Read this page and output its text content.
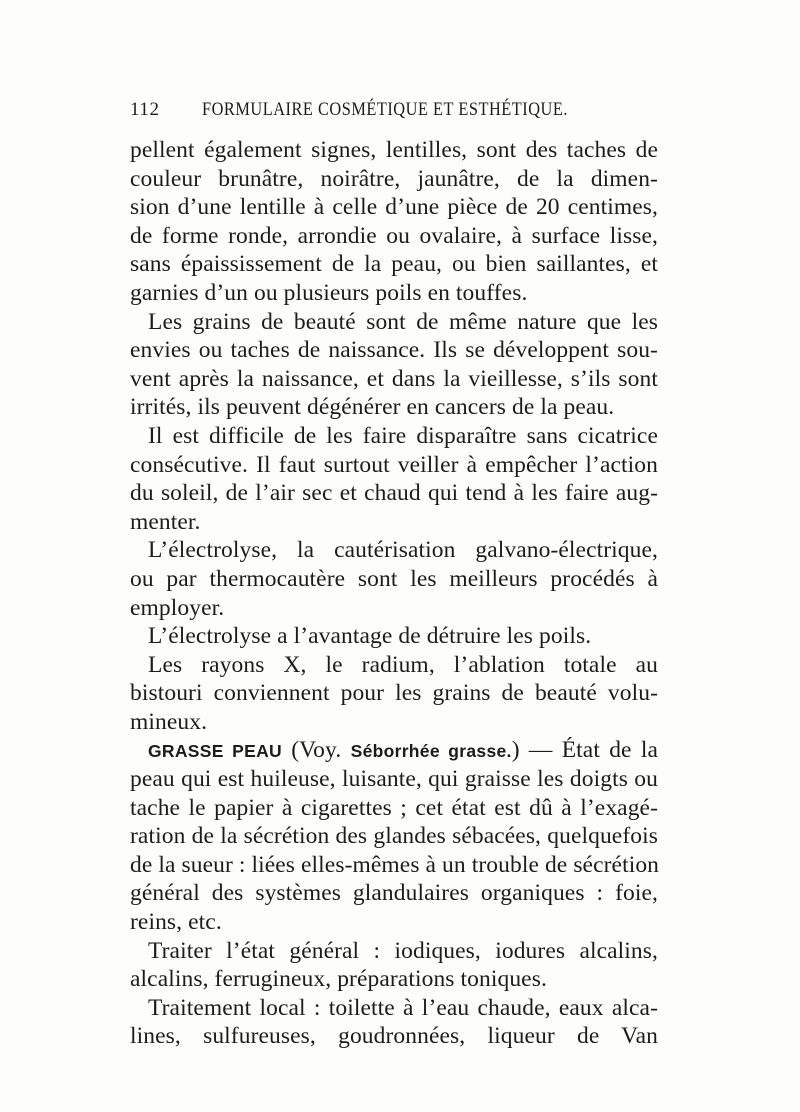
112 FORMULAIRE COSMÉTIQUE ET ESTHÉTIQUE.
pellent également signes, lentilles, sont des taches de
couleur brunâtre, noirâtre, jaunâtre, de la dimen-
sion d’une lentille à celle d’une pièce de 20 centimes,
de forme ronde, arrondie ou ovalaire, à surface lisse,
sans épaississement de la peau, ou bien saillantes, et
garnies d’un ou plusieurs poils en touffes.
Les grains de beauté sont de même nature que les
envies ou taches de naissance. Ils se développent sou-
vent après la naissance, et dans la vieillesse, s’ils sont
irrités, ils peuvent dégénérer en cancers de la peau.
Il est difficile de les faire disparaître sans cicatrice
consécutive. Il faut surtout veiller à empêcher l’action
du soleil, de l’air sec et chaud qui tend à les faire aug-
menter.
L’électrolyse, la cautérisation galvano-électrique,
ou par thermocautère sont les meilleurs procédés à
employer.
L’électrolyse a l’avantage de détruire les poils.
Les rayons X, le radium, l’ablation totale au
bistouri conviennent pour les grains de beauté volu-
mineux.
GRASSE PEAU (Voy. Séborrhée grasse.) — État de la
peau qui est huileuse, luisante, qui graisse les doigts ou
tache le papier à cigarettes ; cet état est dû à l’exagé-
ration de la sécrétion des glandes sébacées, quelquefois
de la sueur : liées elles-mêmes à un trouble de sécrétion
général des systèmes glandulaires organiques : foie,
reins, etc.
Traiter l’état général : iodiques, iodures alcalins,
alcalins, ferrugineux, préparations toniques.
Traitement local : toilette à l’eau chaude, eaux alca-
lines, sulfureuses, goudronnées, liqueur de Van
